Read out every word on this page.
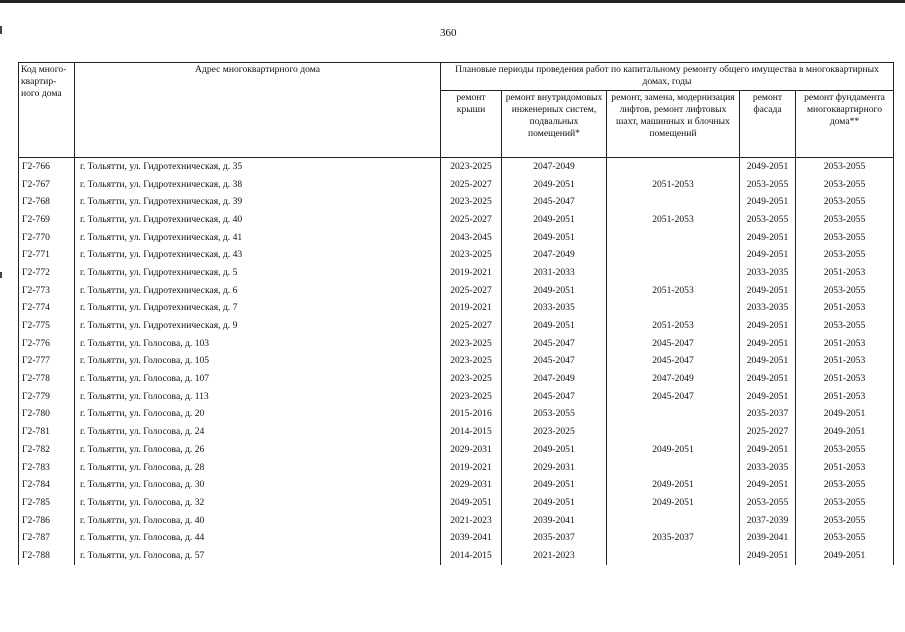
360
Код много-квартир-ного дома	Адрес многоквартирного дома	Плановые периоды проведения работ по капитальному ремонту общего имущества в многоквартирных домах, годы				
		ремонт крыши	ремонт внутридомовых инженерных систем, подвальных помещений*	ремонт, замена, модернизация лифтов, ремонт лифтовых шахт, машинных и блочных помещений	ремонт фасада	ремонт фундамента многоквартирного дома**
Г2-766	г. Тольятти, ул. Гидротехническая, д. 35	2023-2025	2047-2049		2049-2051	2053-2055
Г2-767	г. Тольятти, ул. Гидротехническая, д. 38	2025-2027	2049-2051	2051-2053	2053-2055	2053-2055
Г2-768	г. Тольятти, ул. Гидротехническая, д. 39	2023-2025	2045-2047		2049-2051	2053-2055
Г2-769	г. Тольятти, ул. Гидротехническая, д. 40	2025-2027	2049-2051	2051-2053	2053-2055	2053-2055
Г2-770	г. Тольятти, ул. Гидротехническая, д. 41	2043-2045	2049-2051		2049-2051	2053-2055
Г2-771	г. Тольятти, ул. Гидротехническая, д. 43	2023-2025	2047-2049		2049-2051	2053-2055
Г2-772	г. Тольятти, ул. Гидротехническая, д. 5	2019-2021	2031-2033		2033-2035	2051-2053
Г2-773	г. Тольятти, ул. Гидротехническая, д. 6	2025-2027	2049-2051	2051-2053	2049-2051	2053-2055
Г2-774	г. Тольятти, ул. Гидротехническая, д. 7	2019-2021	2033-2035		2033-2035	2051-2053
Г2-775	г. Тольятти, ул. Гидротехническая, д. 9	2025-2027	2049-2051	2051-2053	2049-2051	2053-2055
Г2-776	г. Тольятти, ул. Голосова, д. 103	2023-2025	2045-2047	2045-2047	2049-2051	2051-2053
Г2-777	г. Тольятти, ул. Голосова, д. 105	2023-2025	2045-2047	2045-2047	2049-2051	2051-2053
Г2-778	г. Тольятти, ул. Голосова, д. 107	2023-2025	2047-2049	2047-2049	2049-2051	2051-2053
Г2-779	г. Тольятти, ул. Голосова, д. 113	2023-2025	2045-2047	2045-2047	2049-2051	2051-2053
Г2-780	г. Тольятти, ул. Голосова, д. 20	2015-2016	2053-2055		2035-2037	2049-2051
Г2-781	г. Тольятти, ул. Голосова, д. 24	2014-2015	2023-2025		2025-2027	2049-2051
Г2-782	г. Тольятти, ул. Голосова, д. 26	2029-2031	2049-2051	2049-2051	2049-2051	2053-2055
Г2-783	г. Тольятти, ул. Голосова, д. 28	2019-2021	2029-2031		2033-2035	2051-2053
Г2-784	г. Тольятти, ул. Голосова, д. 30	2029-2031	2049-2051	2049-2051	2049-2051	2053-2055
Г2-785	г. Тольятти, ул. Голосова, д. 32	2049-2051	2049-2051	2049-2051	2053-2055	2053-2055
Г2-786	г. Тольятти, ул. Голосова, д. 40	2021-2023	2039-2041		2037-2039	2053-2055
Г2-787	г. Тольятти, ул. Голосова, д. 44	2039-2041	2035-2037	2035-2037	2039-2041	2053-2055
Г2-788	г. Тольятти, ул. Голосова, д. 57	2014-2015	2021-2023		2049-2051	2049-2051
